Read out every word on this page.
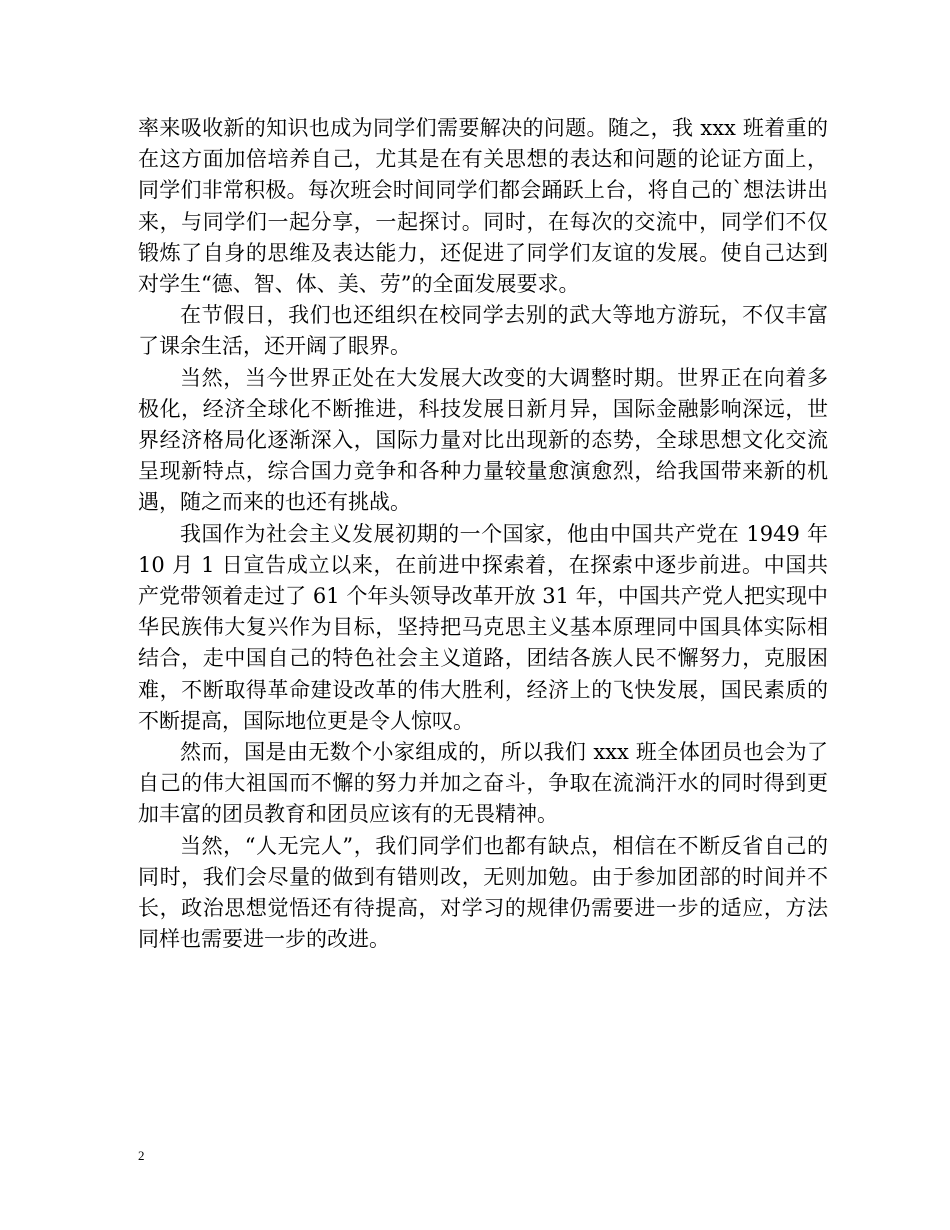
率来吸收新的知识也成为同学们需要解决的问题。随之，我 xxx 班着重的在这方面加倍培养自己，尤其是在有关思想的表达和问题的论证方面上，同学们非常积极。每次班会时间同学们都会踊跃上台，将自己的`想法讲出来，与同学们一起分享，一起探讨。同时，在每次的交流中，同学们不仅锻炼了自身的思维及表达能力，还促进了同学们友谊的发展。使自己达到对学生“德、智、体、美、劳”的全面发展要求。

在节假日，我们也还组织在校同学去别的武大等地方游玩，不仅丰富了课余生活，还开阔了眼界。

当然，当今世界正处在大发展大改变的大调整时期。世界正在向着多极化，经济全球化不断推进，科技发展日新月异，国际金融影响深远，世界经济格局化逐渐深入，国际力量对比出现新的态势，全球思想文化交流呈现新特点，综合国力竞争和各种力量较量愈演愈烈，给我国带来新的机遇，随之而来的也还有挑战。

我国作为社会主义发展初期的一个国家，他由中国共产党在 1949 年 10 月 1 日宣告成立以来，在前进中探索着，在探索中逐步前进。中国共产党带领着走过了 61 个年头领导改革开放 31 年，中国共产党人把实现中华民族伟大复兴作为目标，坚持把马克思主义基本原理同中国具体实际相结合，走中国自己的特色社会主义道路，团结各族人民不懈努力，克服困难，不断取得革命建设改革的伟大胜利，经济上的飞快发展，国民素质的不断提高，国际地位更是令人惊叹。

然而，国是由无数个小家组成的，所以我们 xxx 班全体团员也会为了自己的伟大祖国而不懈的努力并加之奋斗，争取在流淌汗水的同时得到更加丰富的团员教育和团员应该有的无畏精神。

当然，“人无完人”，我们同学们也都有缺点，相信在不断反省自己的同时，我们会尽量的做到有错则改，无则加勉。由于参加团部的时间并不长，政治思想觉悟还有待提高，对学习的规律仍需要进一步的适应，方法同样也需要进一步的改进。

2
